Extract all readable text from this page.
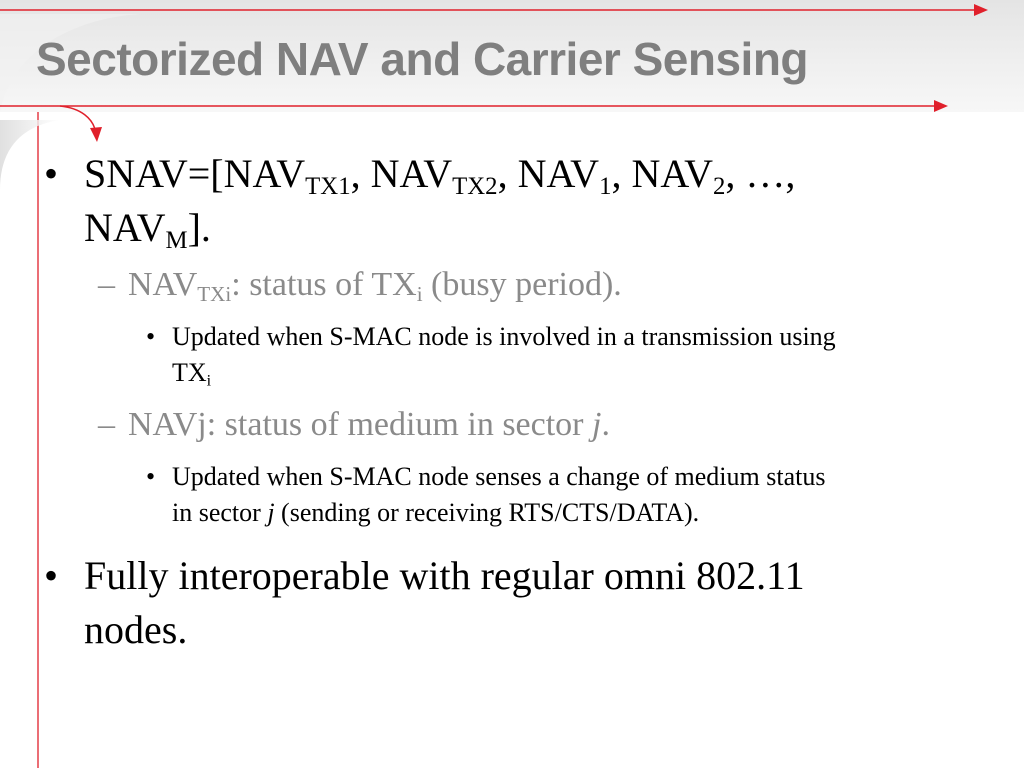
Sectorized NAV and Carrier Sensing
• $SNAV=[NAV_{TX1}$, $NAV_{TX2}$, $NAV_1$, $NAV_2$, …,
$NAV_M$].
– $NAV_{TXi}$: status of $TX_i$ (busy period).
• Updated when S-MAC node is involved in a transmission using
$TX_i$
– NAVj: status of medium in sector j.
• Updated when S-MAC node senses a change of medium status
in sector j (sending or receiving RTS/CTS/DATA).
• Fully interoperable with regular omni 802.11
nodes.
